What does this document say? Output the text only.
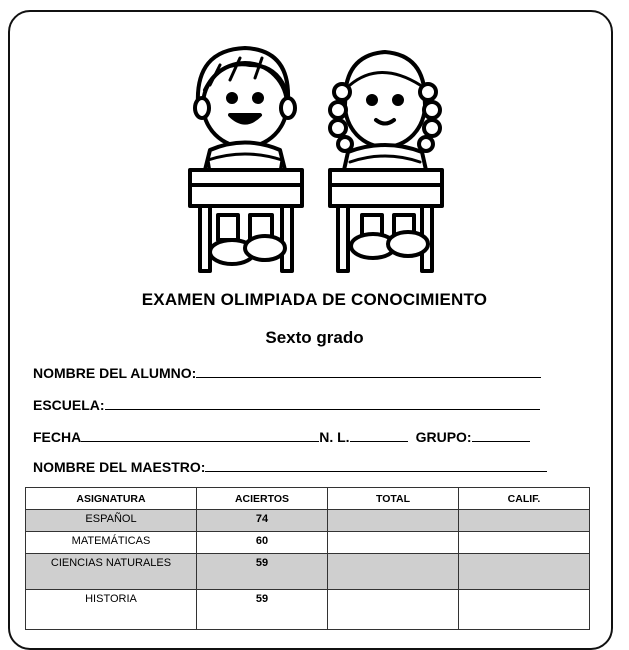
EXAMEN OLIMPIADA DE CONOCIMIENTO
Sexto grado
NOMBRE DEL ALUMNO:
ESCUELA:
FECHA	N. L.	GRUPO:
NOMBRE DEL MAESTRO:
ASIGNATURA	ACIERTOS	TOTAL	CALIF.
ESPAÑOL	74		
MATEMÁTICAS	60		
CIENCIAS NATURALES	59		
HISTORIA	59		
